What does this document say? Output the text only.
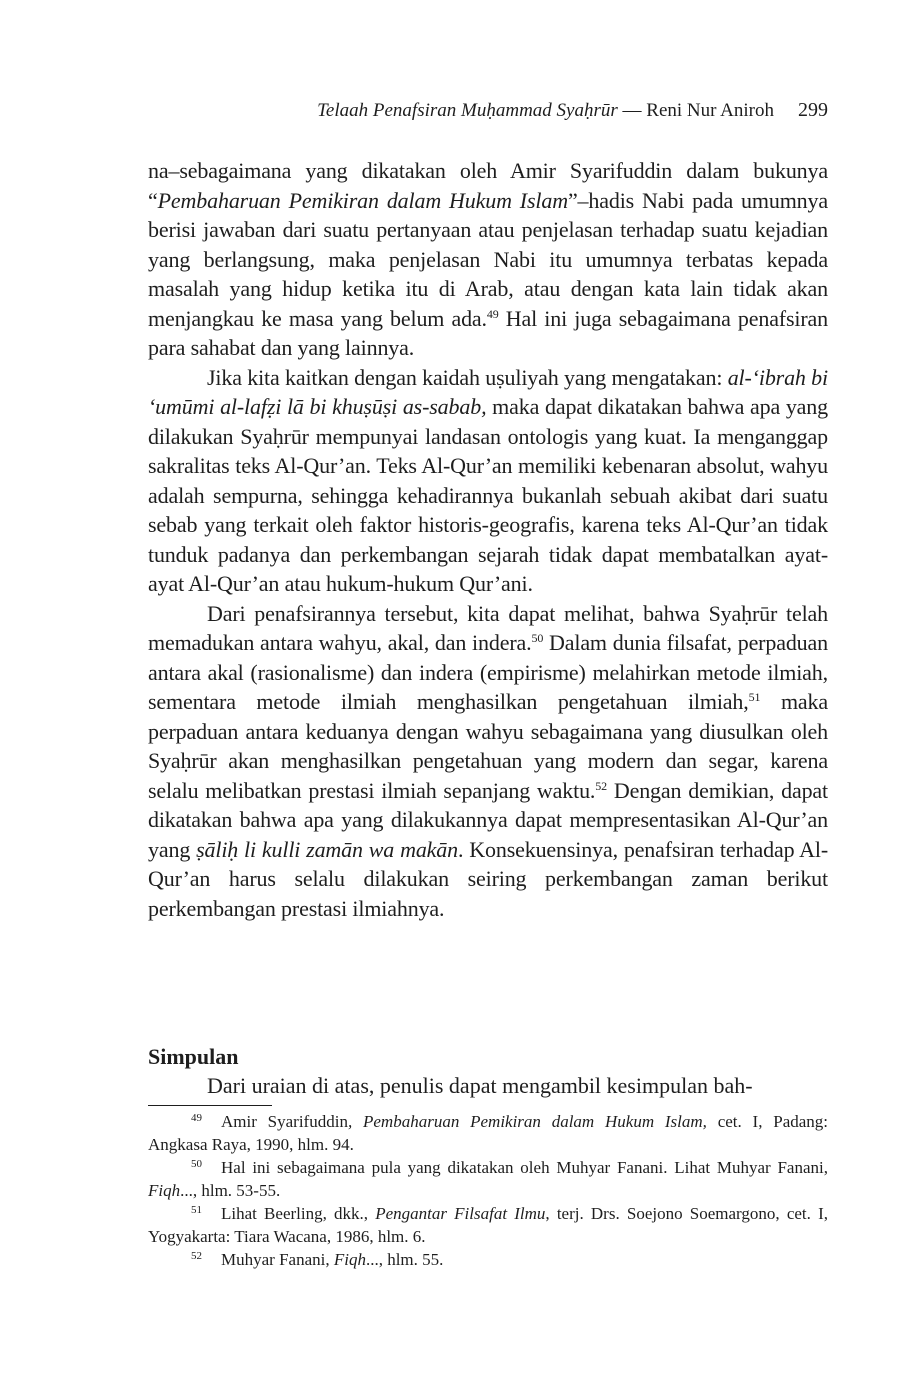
Telaah Penafsiran Muḥammad Syaḥrūr — Reni Nur Aniroh 299

na–sebagaimana yang dikatakan oleh Amir Syarifuddin dalam bukunya “Pembaharuan Pemikiran dalam Hukum Islam”–hadis Nabi pada umumnya berisi jawaban dari suatu pertanyaan atau penjelasan terhadap suatu kejadian yang berlangsung, maka penjelasan Nabi itu umumnya terbatas kepada masalah yang hidup ketika itu di Arab, atau dengan kata lain tidak akan menjangkau ke masa yang belum ada.$^{49}$ Hal ini juga sebagaimana penafsiran para sahabat dan yang lainnya.

Jika kita kaitkan dengan kaidah uṣuliyah yang mengatakan: al-‘ibrah bi ‘umūmi al-lafẓi lā bi khuṣūṣi as-sabab, maka dapat dikatakan bahwa apa yang dilakukan Syaḥrūr mempunyai landasan ontologis yang kuat. Ia menganggap sakralitas teks Al-Qur’an. Teks Al-Qur’an memiliki kebenaran absolut, wahyu adalah sempurna, sehingga kehadirannya bukanlah sebuah akibat dari suatu sebab yang terkait oleh faktor historis-geografis, karena teks Al-Qur’an tidak tunduk padanya dan perkembangan sejarah tidak dapat membatalkan ayat-ayat Al-Qur’an atau hukum-hukum Qur’ani.

Dari penafsirannya tersebut, kita dapat melihat, bahwa Syaḥrūr telah memadukan antara wahyu, akal, dan indera.$^{50}$ Dalam dunia filsafat, perpaduan antara akal (rasionalisme) dan indera (empirisme) melahirkan metode ilmiah, sementara metode ilmiah menghasilkan pengetahuan ilmiah,$^{51}$ maka perpaduan antara keduanya dengan wahyu sebagaimana yang diusulkan oleh Syaḥrūr akan menghasilkan pengetahuan yang modern dan segar, karena selalu melibatkan prestasi ilmiah sepanjang waktu.$^{52}$ Dengan demikian, dapat dikatakan bahwa apa yang dilakukannya dapat mempresentasikan Al-Qur’an yang ṣāliḥ li kulli zamān wa makān. Konsekuensinya, penafsiran terhadap Al-Qur’an harus selalu dilakukan seiring perkembangan zaman berikut perkembangan prestasi ilmiahnya.

Simpulan
Dari uraian di atas, penulis dapat mengambil kesimpulan bah-

49 Amir Syarifuddin, Pembaharuan Pemikiran dalam Hukum Islam, cet. I, Padang: Angkasa Raya, 1990, hlm. 94.

50 Hal ini sebagaimana pula yang dikatakan oleh Muhyar Fanani. Lihat Muhyar Fanani, Fiqh..., hlm. 53-55.

51 Lihat Beerling, dkk., Pengantar Filsafat Ilmu, terj. Drs. Soejono Soemargono, cet. I, Yogyakarta: Tiara Wacana, 1986, hlm. 6.

52 Muhyar Fanani, Fiqh..., hlm. 55.
